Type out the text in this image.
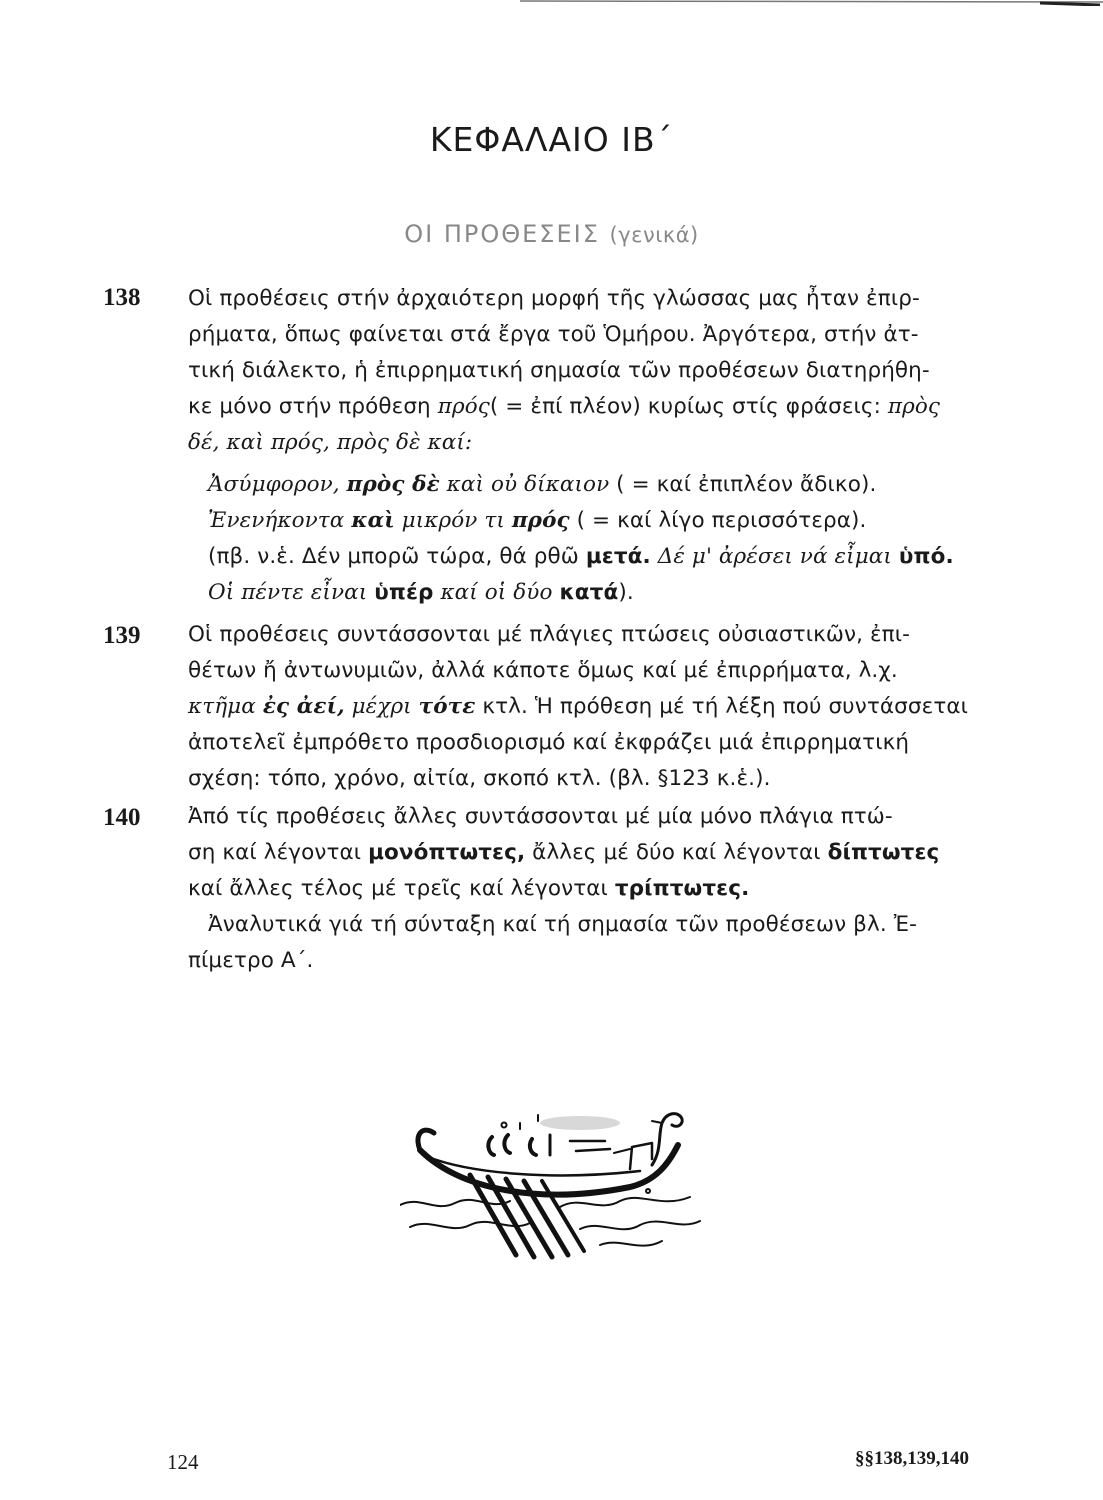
ΚΕΦΑΛΑΙΟ ΙΒ΄
ΟΙ ΠΡΟΘΕΣΕΙΣ (γενικά)
138	Οἱ προθέσεις στήν ἀρχαιότερη μορφή τῆς γλώσσας μας ἦταν ἐπιρ-
ρήματα, ὅπως φαίνεται στά ἔργα τοῦ Ὁμήρου. Ἀργότερα, στήν ἀτ-
τική διάλεκτο, ἡ ἐπιρρηματική σημασία τῶν προθέσεων διατηρήθη-
κε μόνο στήν πρόθεση πρός( = ἐπί πλέον) κυρίως στίς φράσεις: πρὸς
δέ, καὶ πρός, πρὸς δὲ καί:
Ἀσύμφορον, πρὸς δὲ καὶ οὐ δίκαιον ( = καί ἐπιπλέον ἄδικο).
Ἐνενήκοντα καὶ μικρόν τι πρός ( = καί λίγο περισσότερα).
(πβ. ν.ἑ. Δέν μπορῶ τώρα, θά ρθῶ μετά. Δέ μ' ἀρέσει νά εἶμαι ὑπό.
Οἱ πέντε εἶναι ὑπέρ καί οἱ δύο κατά).
139	Οἱ προθέσεις συντάσσονται μέ πλάγιες πτώσεις οὐσιαστικῶν, ἐπι-
θέτων ἤ ἀντωνυμιῶν, ἀλλά κάποτε ὅμως καί μέ ἐπιρρήματα, λ.χ.
κτῆμα ἐς ἀεί, μέχρι τότε κτλ. Ἡ πρόθεση μέ τή λέξη πού συντάσσεται
ἀποτελεῖ ἐμπρόθετο προσδιορισμό καί ἐκφράζει μιά ἐπιρρηματική
σχέση: τόπο, χρόνο, αἰτία, σκοπό κτλ. (βλ. §123 κ.ἑ.).
140	Ἀπό τίς προθέσεις ἄλλες συντάσσονται μέ μία μόνο πλάγια πτώ-
ση καί λέγονται μονόπτωτες, ἄλλες μέ δύο καί λέγονται δίπτωτες
καί ἄλλες τέλος μέ τρεῖς καί λέγονται τρίπτωτες.
Ἀναλυτικά γιά τή σύνταξη καί τή σημασία τῶν προθέσεων βλ. Ἐ-
πίμετρο Α΄.
124	§§138,139,140
